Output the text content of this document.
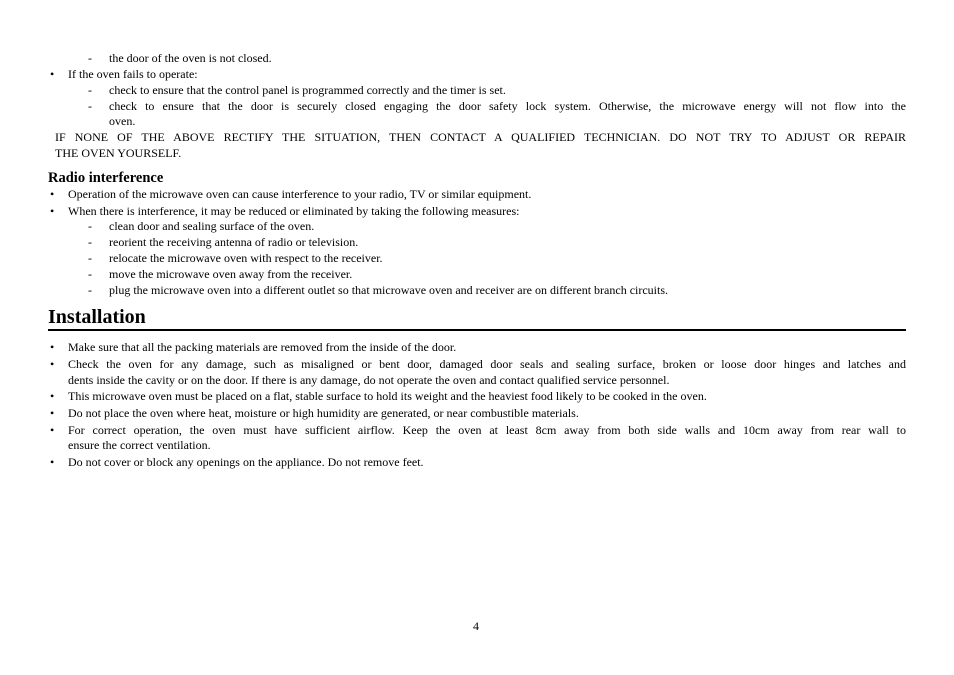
- the door of the oven is not closed.
• If the oven fails to operate:
- check to ensure that the control panel is programmed correctly and the timer is set.
- check to ensure that the door is securely closed engaging the door safety lock system. Otherwise, the microwave energy will not flow into the
oven.
IF NONE OF THE ABOVE RECTIFY THE SITUATION, THEN CONTACT A QUALIFIED TECHNICIAN. DO NOT TRY TO ADJUST OR REPAIR
THE OVEN YOURSELF.
Radio interference
• Operation of the microwave oven can cause interference to your radio, TV or similar equipment.
• When there is interference, it may be reduced or eliminated by taking the following measures:
- clean door and sealing surface of the oven.
- reorient the receiving antenna of radio or television.
- relocate the microwave oven with respect to the receiver.
- move the microwave oven away from the receiver.
- plug the microwave oven into a different outlet so that microwave oven and receiver are on different branch circuits.
Installation
• Make sure that all the packing materials are removed from the inside of the door.
• Check the oven for any damage, such as misaligned or bent door, damaged door seals and sealing surface, broken or loose door hinges and latches and
dents inside the cavity or on the door. If there is any damage, do not operate the oven and contact qualified service personnel.
• This microwave oven must be placed on a flat, stable surface to hold its weight and the heaviest food likely to be cooked in the oven.
• Do not place the oven where heat, moisture or high humidity are generated, or near combustible materials.
• For correct operation, the oven must have sufficient airflow. Keep the oven at least 8cm away from both side walls and 10cm away from rear wall to
ensure the correct ventilation.
• Do not cover or block any openings on the appliance. Do not remove feet.
4
